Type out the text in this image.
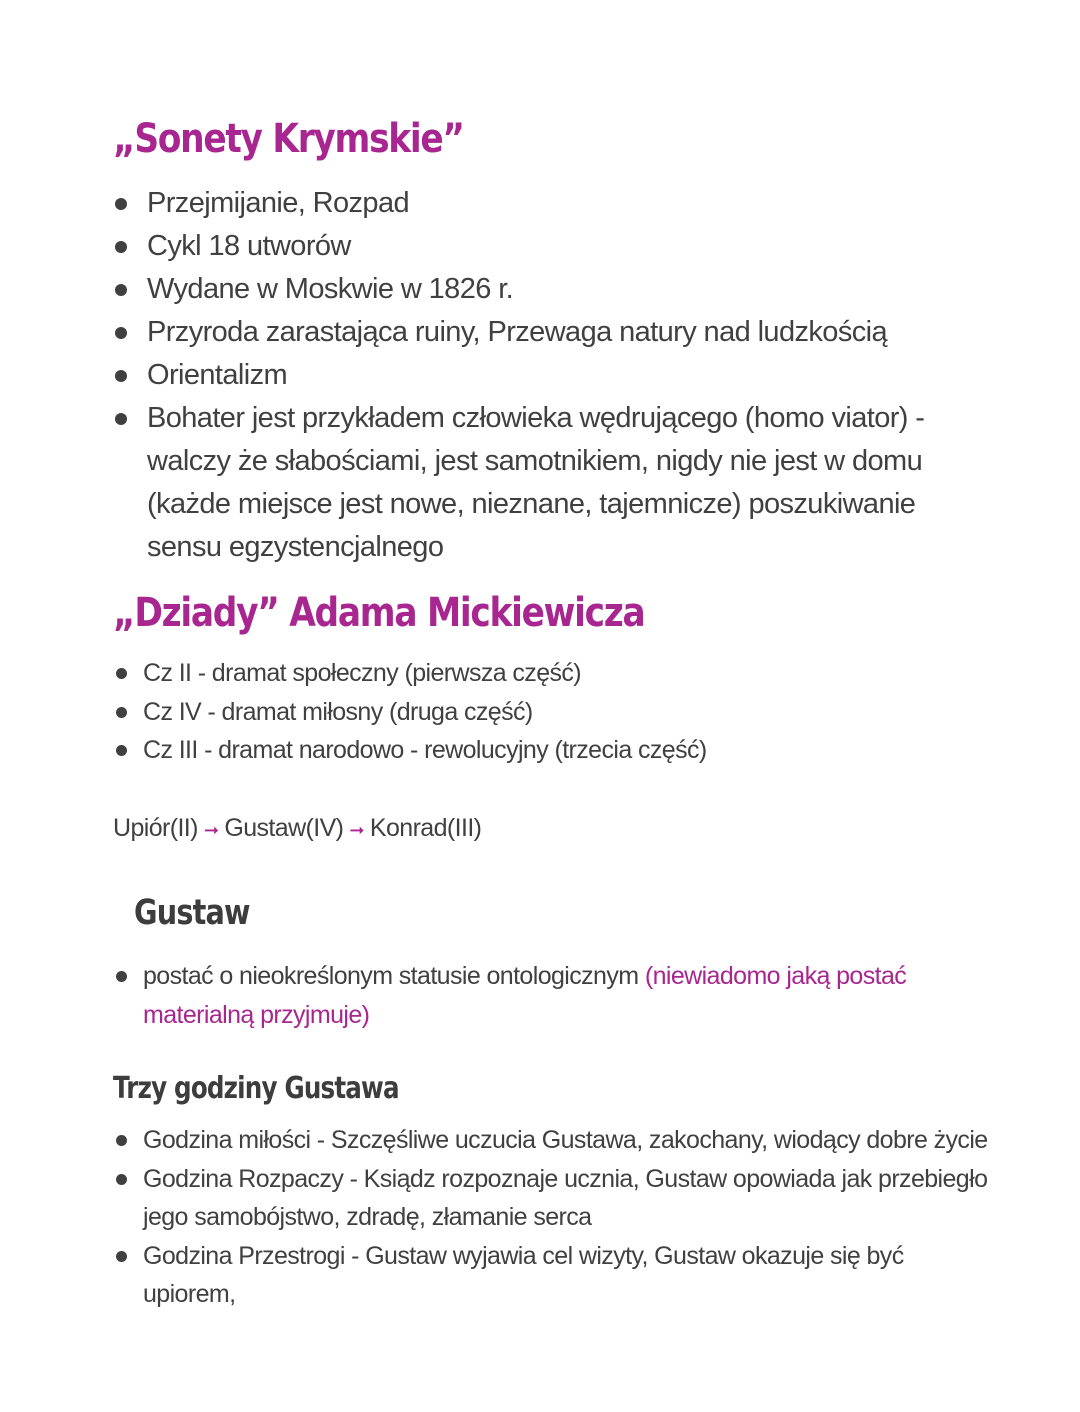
„Sonety Krymskie”
Przejmijanie, Rozpad
Cykl 18 utworów
Wydane w Moskwie w 1826 r.
Przyroda zarastająca ruiny, Przewaga natury nad ludzkością
Orientalizm
Bohater jest przykładem człowieka wędrującego (homo viator) - walczy że słabościami, jest samotnikiem, nigdy nie jest w domu (każde miejsce jest nowe, nieznane, tajemnicze) poszukiwanie sensu egzystencjalnego
„Dziady” Adama Mickiewicza
Cz II - dramat społeczny (pierwsza część)
Cz IV - dramat miłosny (druga część)
Cz III - dramat narodowo - rewolucyjny (trzecia część)

Upiór(II) ➞ Gustaw(IV) ➞ Konrad(III)

Gustaw
postać o nieokreślonym statusie ontologicznym (niewiadomo jaką postać materialną przyjmuje)
Trzy godziny Gustawa
Godzina miłości - Szczęśliwe uczucia Gustawa, zakochany, wiodący dobre życie
Godzina Rozpaczy - Ksiądz rozpoznaje ucznia, Gustaw opowiada jak przebiegło jego samobójstwo, zdradę, złamanie serca
Godzina Przestrogi - Gustaw wyjawia cel wizyty, Gustaw okazuje się być upiorem,
